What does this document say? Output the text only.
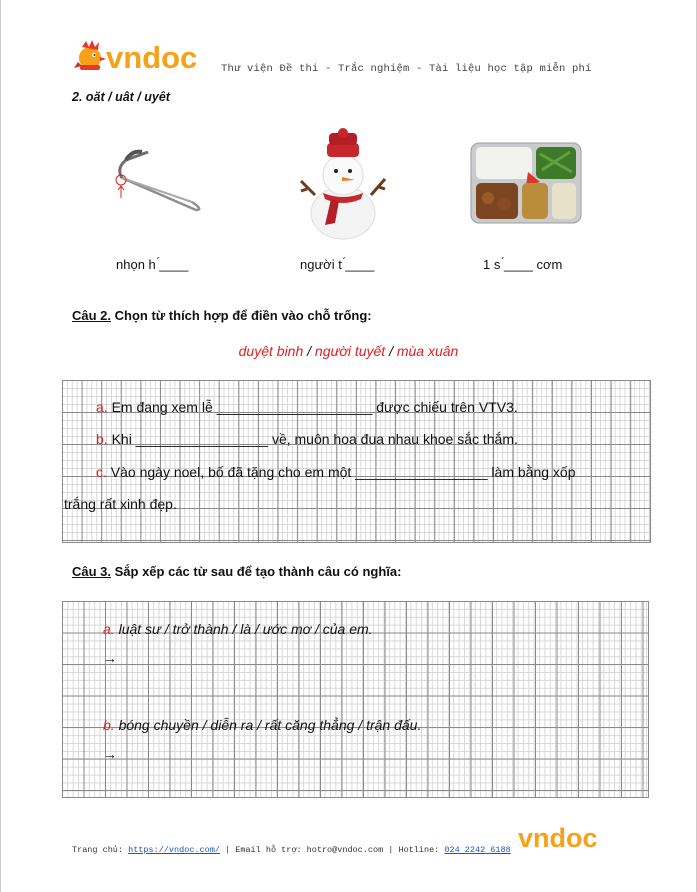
vndoc Thư viện Đề thi - Trắc nghiệm - Tài liệu học tập miễn phí
2. oăt / uât / uyêt
nhọn h ́____	người t ́____	1 s ́____ cơm
Câu 2. Chọn từ thích hợp để điền vào chỗ trống:
duyệt binh / người tuyết / mùa xuân
a. Em đang xem lễ ____________________ được chiếu trên VTV3.
b. Khi _________________ về, muôn hoa đua nhau khoe sắc thắm.
c. Vào ngày noel, bố đã tặng cho em một _________________ làm bằng xốp
trắng rất xinh đẹp.
Câu 3. Sắp xếp các từ sau để tạo thành câu có nghĩa:
a. luật sư / trở thành / là / ước mơ / của em.
→
b. bóng chuyền / diễn ra / rất căng thẳng / trận đấu.
→
Trang chủ: https://vndoc.com/ | Email hỗ trợ: hotro@vndoc.com | Hotline: 024 2242 6188 vndoc
